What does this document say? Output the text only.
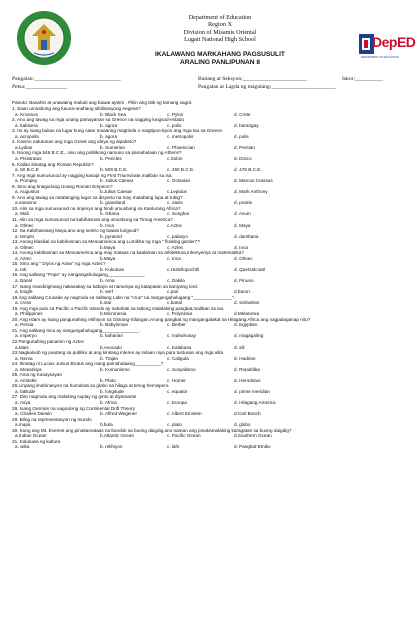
DepED
DEPARTMENT OF EDUCATION
Department of Education
Region X
Division of Misamis Oriental
Lugait National High School
IKALAWANG MARKAHANG PAGSUSULIT
ARALING PANLIPUNAN 8
Pangalan:_______________________________	Baitang at Seksyon:_______________________	Iskor:__________
Petsa:_______________	Pangalan at Lagda ng magulang:_______________________
Panuto: Basahin at unawaing mabuti ang bawat aytem . Piliin ang titik ng tamang sagot.
1. Saan umusbong ang kauna-unahang sibilisasyong Aegean?
a. Knossos	b. Black Sea	c. Pylos	d. Crete
2. Ano ang tawag sa mga unang pamayanan sa Greece na nagging lungsod-estado
a. kabisera	b. agora	c. polis	d. barangay
3. Ito ay isang bukas na lugar kung saan maaaring magtinda o magtipon-tipon ang mga tao sa Greece.
a. acropolis	b. agora	c. metropolis	d. polis
4. Kanino natutunan ang mga Greek ang ideya ng alpabeto?
a.Lydian	b. Sumerian	c. Phoenician	d. Persian
5. Noong mga 546 B.C.E., sino ang politikong namuno sa pamahalaan ng Athens?
a. Pisistratus	b. Pericles	c.Solon	d. Draco
6. Kailan itinatag ang Roman Republic?
a. 50 B.C.E	b. 509 B.C.E.	c. 450 B.C.E.	d. 476 B.C.E.
7. Ang mga sumusunod ay nagging kasapi ng First Triumvirate,maliban sa isa.
a. Pompey	b. Julius Caesar	c. Octavian	d. Marcus Crassus
8. Sino ang tinaguriang Unang Roman Emperor?
a. Augustus	b.Julius Caesar	c.Lepidus	d. Mark Anthony
9. Ano ang tawag sa natatanging lugar sa disyerto na may matabang lupa at tubig?
a.savanna	b. grassland	c. oasis	d. prairie
10. Alin sa mga sumusunod na imperyo ang hindi umusbong sa Kanlurang Africa?
a. Mali	b. Ghana	c. Songhai	d. Axum
11. Alin sa mga sumusunod na kabihasnan ang umusbong sa Timog America?
a. Olmec	b. Inca	c.Aztec	d. Maya
12. Sa Kabihasnang Maya,ano ang sentro ng bawat lungsod?
a. templo	b. pyramid	c. palasyo	d. dambana
13. Anong klasikal na kabihasnan sa Mesoamerica ang Lumikha ng mga " floating garden"?
a. Olmec	b.Maya	c. Aztec	d. Inca
14. Anong kabihasnan sa Mesoamerica ang may mataas na kaalaman sa arkitektura,inhenyeriya at matematika?
a. Aztec	b.Maya	c. Inca	d. Olmec
15. Sino ang " Diyos ng Araw" ng mga Aztec?
a. Inti	b. Kukulcan	c.Huitzilopochtli	d. Quetzalcoatl
16. Ang salitang "Pope" ay nangangahulugang______________.
a. Banal	b. Ama	c. Dakila	d. Pinuno
17. Isang mandirigmang nakasakay sa kabayo at nanumpa ng katapatan sa kaniyang lord.
a. knight	b. serf	c.pari	d.baron
18.Ang salitang Crusade ay nagmula sa salitang Latin na "crux" na nangungahulugang "_______________".
a. cross	b.star	c.banal	d. simbahan
19. Ang mga pulo sa Pacific o Pacific Islands ay nahahati sa tatlong malalaking pangkat,maliban sa isa.
a. Philippines	b.Micronesia	c. Polynesia	d.Melanesia
20. Ang Islam ay isang pangunahing relihiyon sa Gitnang-Silangan.Anong pangkat ng mangangalakal sa Hilagang Africa ang nagpalaganap nito?
a. Persia	b. Babylonian	c. Berber	d. Egyptian
21. Ang salitang Inca ay nangungahulugang______________.
a. imperyo	b. kaharian	c. mahuhusay	d. magagaling
22.Pangunahing pananim ng Aztec
a.Mais	b.Avocado	c. Kalabasa	d. sili
23.Nagkaloob ng pautang sa publiko at ang kinitang interes ay inilaan niya para tustusan ang mga ulila
a. Nerva	b. Trajan	c. Caligula	d. Hadrian
24. Itinatag ni Lucius Junius Brutus ang isang pamahalaang__________?
a. Monarkiya	b. Komunismo	c. Sosyalismo	d. Republika
25. Ama ng Kasaysayan
a. Aristotle	b. Plato	c. Homer	d. Herodotus
26.Linyang imahinasyon na humahati sa globo sa hilaga at timog hemispero.
a. latitude	b. longitude	c. equator	d. prime meridian
27. Dito nagmula ang malaking suplay ng ginto at diyamante
a. Asya	b. Africa	c. Europa	d. Hilagang America
28. Isang German na nagsulong ng Continental Drift Theory
a. Charles Darwin	b. Alfred Wegener	c. Albert Einstein	d.Carl Bosch
29. Bilog na representasyon ng mundo
a.mapa	b.bola	c. plato	d. globo
30. Kung ang Mt. Everest ang pinakamataas na bundok sa buong daigdig,ano naman ang pinakamalaking karagatan sa buong daigdig?
a.Indian Ocean	b.Atlantic Ocean	c. Pacific Ocean	d.Southern Ocean
31. Kaluluwa ng kultura
a. wika	b. relihiyon	c. lahi	d. Pangkat-Etniko
